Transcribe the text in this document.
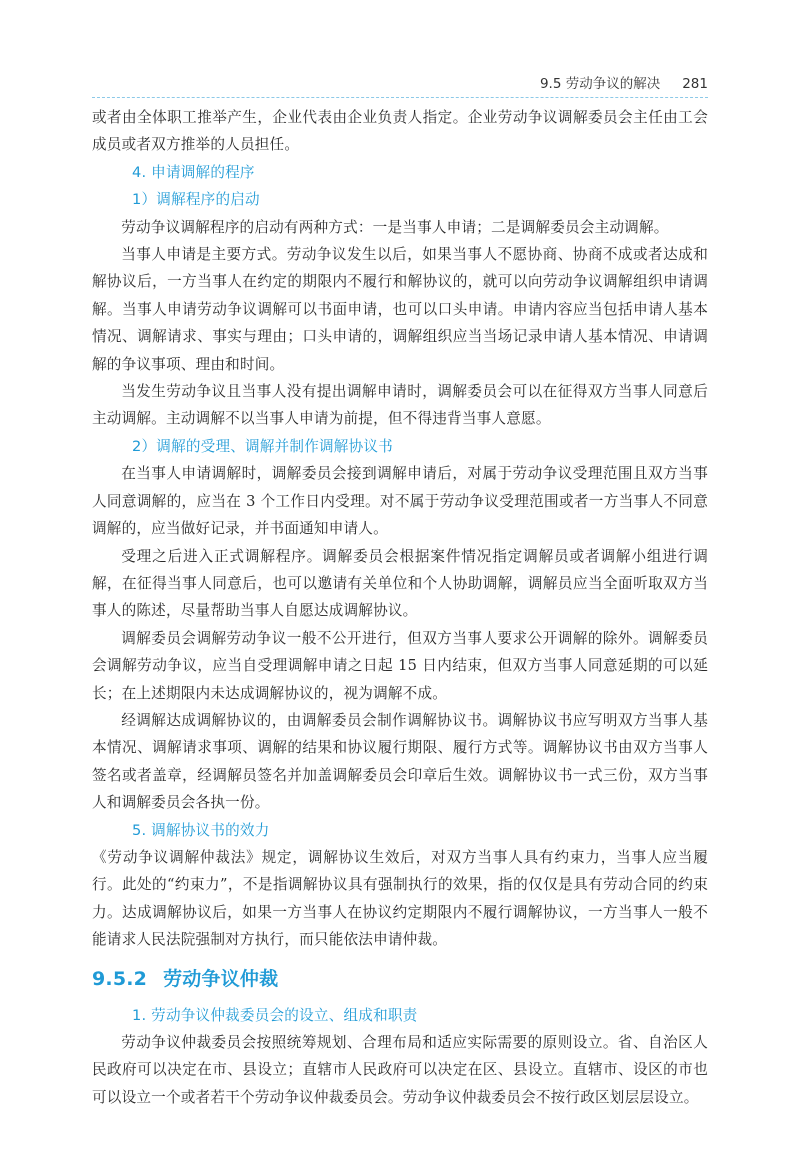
9.5 劳动争议的解决 281

或者由全体职工推举产生，企业代表由企业负责人指定。企业劳动争议调解委员会主任由工会成员或者双方推举的人员担任。

4. 申请调解的程序
1）调解程序的启动

劳动争议调解程序的启动有两种方式：一是当事人申请；二是调解委员会主动调解。

当事人申请是主要方式。劳动争议发生以后，如果当事人不愿协商、协商不成或者达成和解协议后，一方当事人在约定的期限内不履行和解协议的，就可以向劳动争议调解组织申请调解。当事人申请劳动争议调解可以书面申请，也可以口头申请。申请内容应当包括申请人基本情况、调解请求、事实与理由；口头申请的，调解组织应当当场记录申请人基本情况、申请调解的争议事项、理由和时间。

当发生劳动争议且当事人没有提出调解申请时，调解委员会可以在征得双方当事人同意后主动调解。主动调解不以当事人申请为前提，但不得违背当事人意愿。

2）调解的受理、调解并制作调解协议书

在当事人申请调解时，调解委员会接到调解申请后，对属于劳动争议受理范围且双方当事人同意调解的，应当在 3 个工作日内受理。对不属于劳动争议受理范围或者一方当事人不同意调解的，应当做好记录，并书面通知申请人。

受理之后进入正式调解程序。调解委员会根据案件情况指定调解员或者调解小组进行调解，在征得当事人同意后，也可以邀请有关单位和个人协助调解，调解员应当全面听取双方当事人的陈述，尽量帮助当事人自愿达成调解协议。

调解委员会调解劳动争议一般不公开进行，但双方当事人要求公开调解的除外。调解委员会调解劳动争议，应当自受理调解申请之日起 15 日内结束，但双方当事人同意延期的可以延长；在上述期限内未达成调解协议的，视为调解不成。

经调解达成调解协议的，由调解委员会制作调解协议书。调解协议书应写明双方当事人基本情况、调解请求事项、调解的结果和协议履行期限、履行方式等。调解协议书由双方当事人签名或者盖章，经调解员签名并加盖调解委员会印章后生效。调解协议书一式三份，双方当事人和调解委员会各执一份。

5. 调解协议书的效力

《劳动争议调解仲裁法》规定，调解协议生效后，对双方当事人具有约束力，当事人应当履行。此处的“约束力”，不是指调解协议具有强制执行的效果，指的仅仅是具有劳动合同的约束力。达成调解协议后，如果一方当事人在协议约定期限内不履行调解协议，一方当事人一般不能请求人民法院强制对方执行，而只能依法申请仲裁。

9.5.2 劳动争议仲裁
1. 劳动争议仲裁委员会的设立、组成和职责

劳动争议仲裁委员会按照统筹规划、合理布局和适应实际需要的原则设立。省、自治区人民政府可以决定在市、县设立；直辖市人民政府可以决定在区、县设立。直辖市、设区的市也可以设立一个或者若干个劳动争议仲裁委员会。劳动争议仲裁委员会不按行政区划层层设立。
